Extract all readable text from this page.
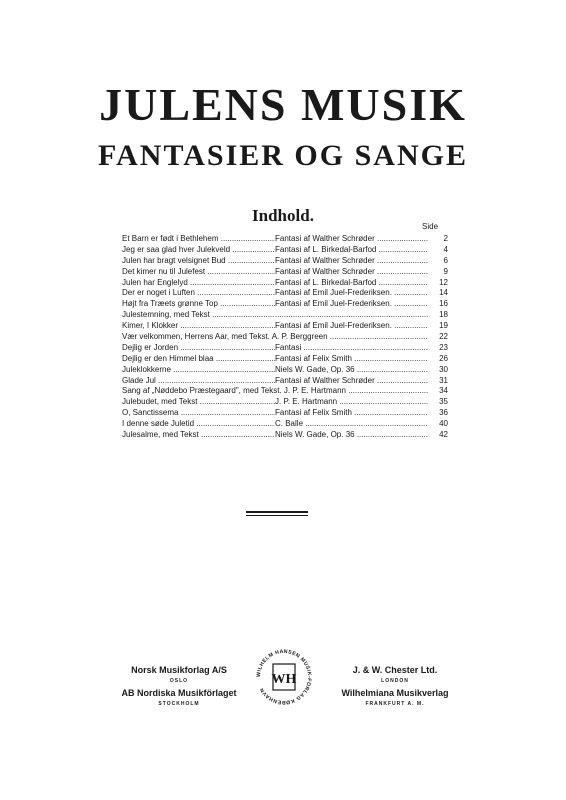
JULENS MUSIK
FANTASIER OG SANGE
Indhold.
Side
Et Barn er født i Bethlehem .....	Fantasi af Walther Schrøder .....	2
Jeg er saa glad hver Julekveld .....	Fantasi af L. Birkedal-Barfod .....	4
Julen har bragt velsignet Bud .....	Fantasi af Walther Schrøder .....	6
Det kimer nu til Julefest .....	Fantasi af Walther Schrøder .....	9
Julen har Englelyd .....	Fantasi af L. Birkedal-Barfod .....	12
Der er noget i Luften .....	Fantasi af Emil Juel-Frederiksen. .....	14
Højt fra Træets grønne Top .....	Fantasi af Emil Juel-Frederiksen. .....	16
Julestemning, med Tekst ..... .....	18
Kimer, I Klokker .....	Fantasi af Emil Juel-Frederiksen. .....	19
Vær velkommen, Herrens Aar, med Tekst. A. P. Berggreen .....	22
Dejlig er Jorden .....	Fantasi .....	23
Dejlig er den Himmel blaa .....	Fantasi af Felix Smith .....	26
Juleklokkerne .....	Niels W. Gade, Op. 36 .....	30
Glade Jul .....	Fantasi af Walther Schrøder .....	31
Sang af „Nøddebo Præstegaard", med Tekst. J. P. E. Hartmann .....	34
Julebudet, med Tekst .....	J. P. E. Hartmann .....	35
O, Sanctissema .....	Fantasi af Felix Smith .....	36
I denne søde Juletid .....	C. Balle .....	40
Julesalme, med Tekst .....	Niels W. Gade, Op. 36 .....	42
Norsk Musikforlag A/S
OSLO
AB Nordiska Musikförlaget
STOCKHOLM
J. & W. Chester Ltd.
LONDON
Wilhelmiana Musikverlag
FRANKFURT A. M.
WILHELM HANSEN MUSIK-FORLAG KØBENHAVN
WH
